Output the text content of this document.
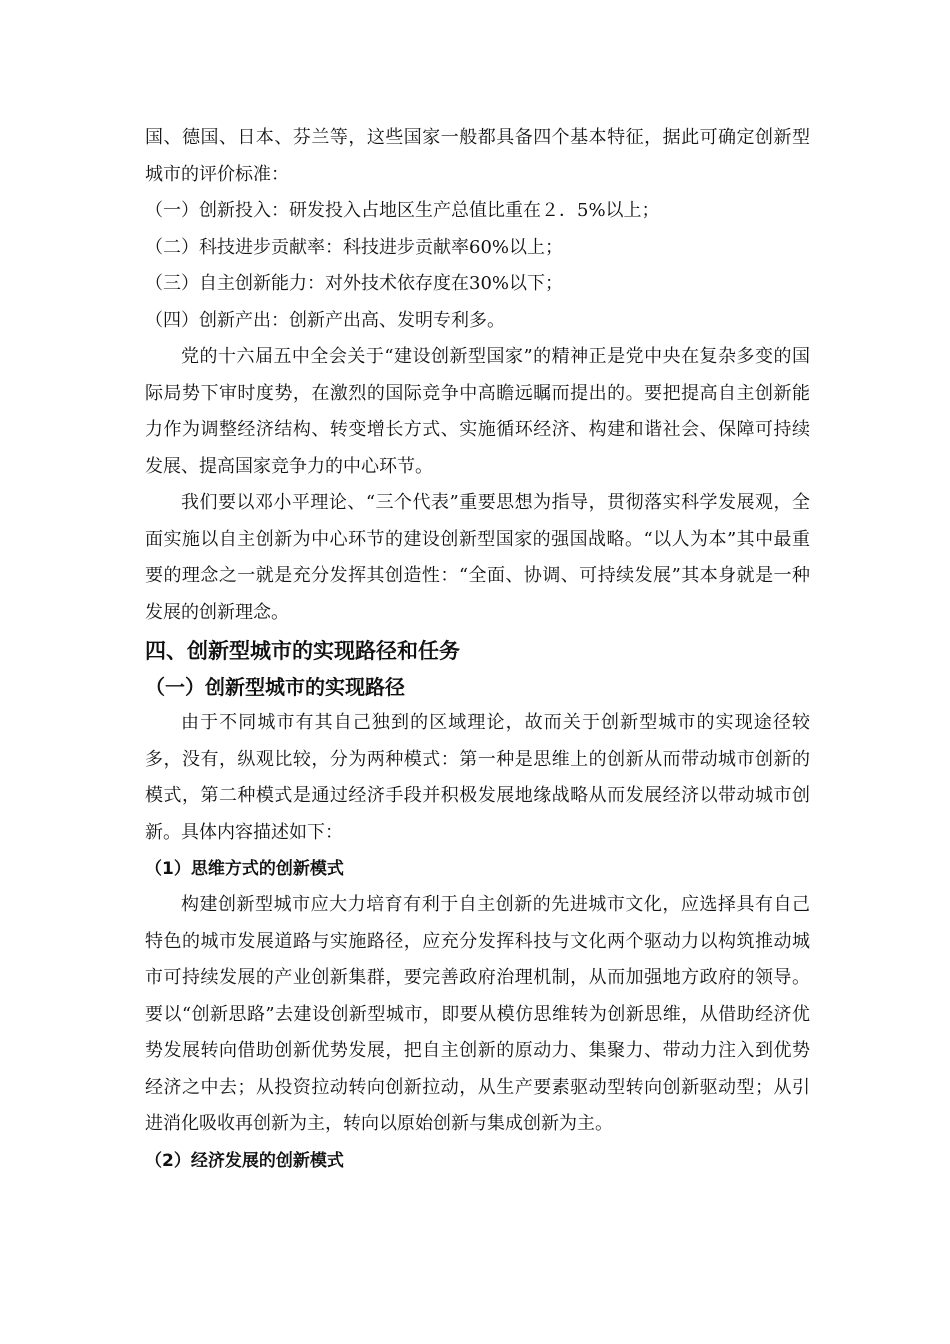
国、德国、日本、芬兰等，这些国家一般都具备四个基本特征，据此可确定创新型城市的评价标准：

（一）创新投入：研发投入占地区生产总值比重在２．5%以上；

（二）科技进步贡献率：科技进步贡献率60%以上；

（三）自主创新能力：对外技术依存度在30%以下；

（四）创新产出：创新产出高、发明专利多。

党的十六届五中全会关于“建设创新型国家”的精神正是党中央在复杂多变的国际局势下审时度势，在激烈的国际竞争中高瞻远瞩而提出的。要把提高自主创新能力作为调整经济结构、转变增长方式、实施循环经济、构建和谐社会、保障可持续发展、提高国家竞争力的中心环节。

我们要以邓小平理论、“三个代表”重要思想为指导，贯彻落实科学发展观，全面实施以自主创新为中心环节的建设创新型国家的强国战略。“以人为本”其中最重要的理念之一就是充分发挥其创造性：“全面、协调、可持续发展”其本身就是一种发展的创新理念。

四、创新型城市的实现路径和任务
（一）创新型城市的实现路径

由于不同城市有其自己独到的区域理论，故而关于创新型城市的实现途径较多，没有，纵观比较，分为两种模式：第一种是思维上的创新从而带动城市创新的模式，第二种模式是通过经济手段并积极发展地缘战略从而发展经济以带动城市创新。具体内容描述如下：

（1）思维方式的创新模式

构建创新型城市应大力培育有利于自主创新的先进城市文化，应选择具有自己特色的城市发展道路与实施路径，应充分发挥科技与文化两个驱动力以构筑推动城市可持续发展的产业创新集群，要完善政府治理机制，从而加强地方政府的领导。要以“创新思路”去建设创新型城市，即要从模仿思维转为创新思维，从借助经济优势发展转向借助创新优势发展，把自主创新的原动力、集聚力、带动力注入到优势经济之中去；从投资拉动转向创新拉动，从生产要素驱动型转向创新驱动型；从引进消化吸收再创新为主，转向以原始创新与集成创新为主。

（2）经济发展的创新模式
